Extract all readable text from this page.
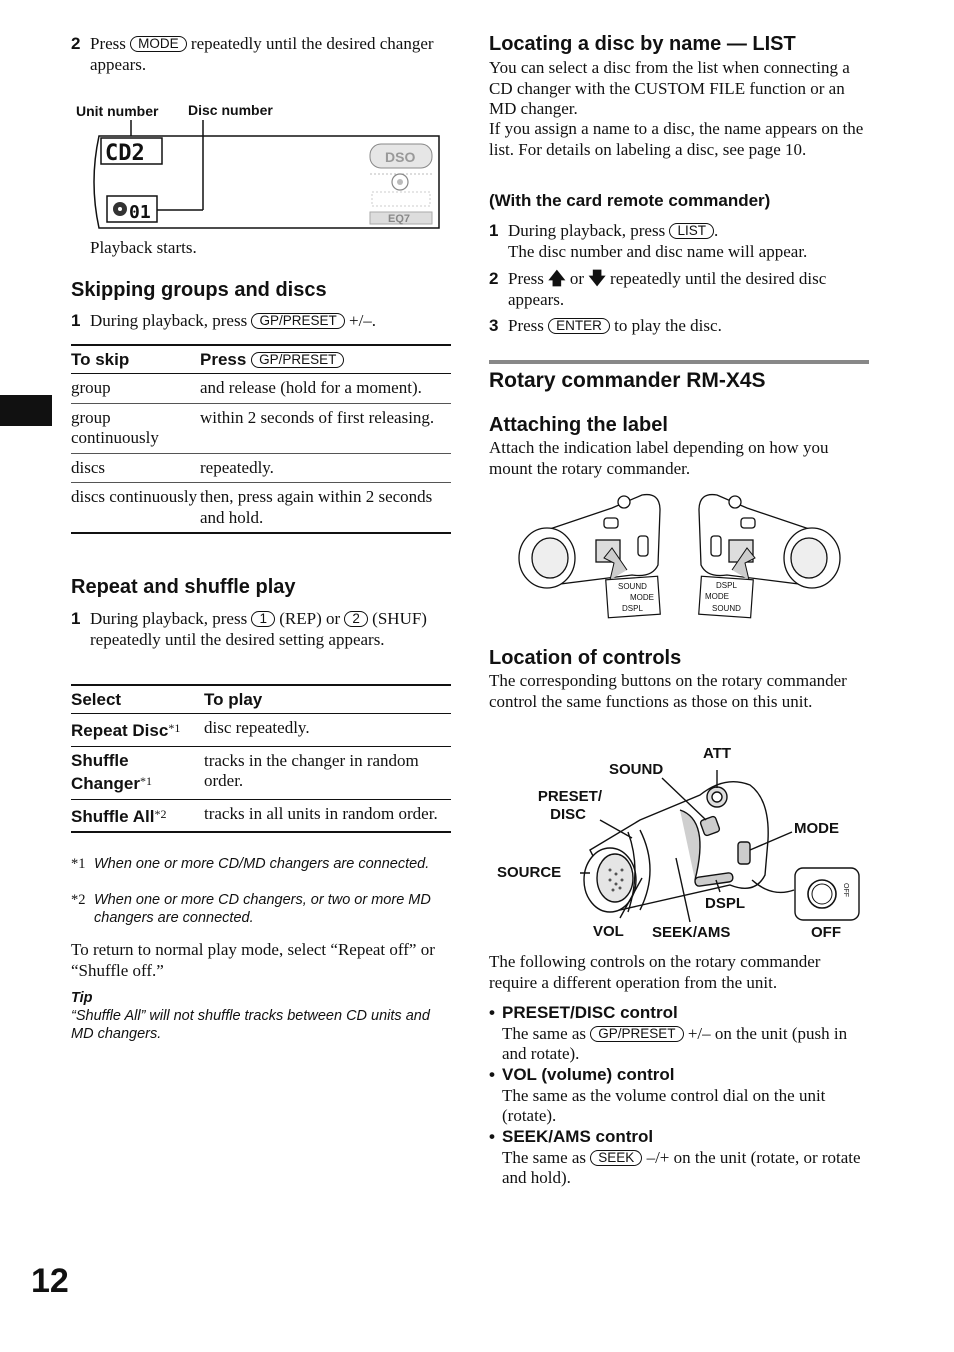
2 Press MODE repeatedly until the desired changer appears.
Unit number Disc number
CD2
01
DSO
EQ7
Playback starts.
Skipping groups and discs
1 During playback, press GP/PRESET +/–.
To skip	Press GP/PRESET
group	and release (hold for a moment).
group continuously	within 2 seconds of first releasing.
discs	repeatedly.
discs continuously	then, press again within 2 seconds and hold.
Repeat and shuffle play
1 During playback, press 1 (REP) or 2 (SHUF) repeatedly until the desired setting appears.
Select	To play
Repeat Disc$^{*1}$	disc repeatedly.
Shuffle Changer$^{*1}$	tracks in the changer in random order.
Shuffle All$^{*2}$	tracks in all units in random order.
*1 When one or more CD/MD changers are connected.
*2 When one or more CD changers, or two or more MD changers are connected.
To return to normal play mode, select “Repeat off” or “Shuffle off.”
Tip
“Shuffle All” will not shuffle tracks between CD units and MD changers.
Locating a disc by name — LIST
You can select a disc from the list when connecting a CD changer with the CUSTOM FILE function or an MD changer.
If you assign a name to a disc, the name appears on the list. For details on labeling a disc, see page 10.
(With the card remote commander)
1 During playback, press LIST .
The disc number and disc name will appear.
2 Press 🡅 or 🡇 repeatedly until the desired disc appears.
3 Press ENTER to play the disc.
Rotary commander RM-X4S
Attaching the label
Attach the indication label depending on how you mount the rotary commander.
SOUND
MODE
DSPL
DSPL
MODE
SOUND
Location of controls
The corresponding buttons on the rotary commander control the same functions as those on this unit.
OFF
ATT
SOUND
PRESET/
DISC
MODE
SOURCE
DSPL
VOL SEEK/AMS	OFF
The following controls on the rotary commander require a different operation from the unit.
• PRESET/DISC control
The same as GP/PRESET +/– on the unit (push in and rotate).
• VOL (volume) control
The same as the volume control dial on the unit (rotate).
• SEEK/AMS control
The same as SEEK –/+ on the unit (rotate, or rotate and hold).
12
